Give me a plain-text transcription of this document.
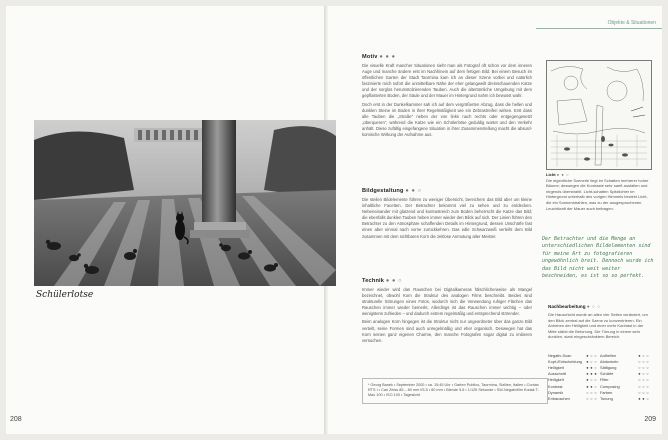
Schülerlotse
208
Objekte & Situationen
Motiv ● ● ●

Die visuelle Kraft mancher Situationen sieht man als Fotograf oft schon vor dem inneren Auge und manche ändere erst im Nachhinein auf dem fertigen Bild. Bei einem Besuch im öffentlichen Garten der Stadt Taormina kam ich an dieser Szene vorbei und natürlich faszinierte mich sofort die unmittelbare Nähe der eher gelangweilt dreinschauenden Katze und der sorglos herumstolzierenden Tauben. Auch die altertümliche Umgebung mit dem gepflasterten Boden, der Säule und der Mauer im Hintergrund nahm ich bewusst wahr.

Doch erst in der Dunkelkammer sah ich auf dem vergrößerten Abzug, dass die hellen und dunklen Steine im Boden in ihrer Regelmäßigkeit wie ein Zebrastreifen wirken. Erst dass alle Tauben die „Straße" neben der von links nach rechts oder entgegengesetzt „überqueren", während die Katze wie ein Schülerlotse geduldig wartet und den Verkehr anhält. Diese zufällig eingefangene Situation in ihrer Zusammenstellung macht die absurd-komische Wirkung der Aufnahme aus.

Bildgestaltung ● ● ○

Die steilen Bildelemente führen zu weniger Übersicht, bereichern das Bild aber um kleine inhaltliche Facetten. Der Betrachter bekommt viel zu sehen und zu entdecken. Nebeneinander mit glatzend und kontrastreich zum Boden beherrscht die Katze das Bild; die ebenfalls dunklen Tauben heben immer wieder den Blick auf sich. Der Linien führen den Betrachter zu den Atmosphäre schaffenden Details im Hintergrund, dessen Unschärfe fast einen aber einmal nach vorne zurückkehren. Das edle Schwarzweiß verleiht dem Bild zusammen mit dem sichtbaren Korn die zeitlose Anmutung alter Meister.

Technik ● ● ○

Immer wieder wird das Rauschen bei Digitalkameras fälschlicherweise als Mangel bezeichnet, obwohl Korn die Struktur des analogen Films beschreibt. Beides sind strukturelle Störungen eines Fotos, wodurch sich die Verwendung ruhiger Flächen das Rauschen immer wieder bemerkt. Allerdings ist das Rauschen immer wichtig – oder wenigstens zufrieden – und dadurch extrem regelmäßig und entsprechend störender.

Beim analogen Korn hingegen ist die Struktur nicht nur ungeordneter über das ganze Bild verteilt, seine Formen sind auch unregelmäßig und eher organisch. Deswegen hat das Korn seinen ganz eigenen Charme, den manche Fotografen sogar digital zu imitieren versuchen.

* Georg Banek • September 2000 • ca. 15:45 Uhr • Garten Publico, Taormina, Sizilien, Italien • Contax RTS I • Carl Zeiss 85 – 80 mm f/3.5 • 80 mm • Blende 5.6 • 1/125 Sekunde • SW-Negativfilm Kodak T-Max 100 • ISO 100 • Tageslicht
Licht ● ● ○
Die eigentliche Szenerie liegt im Schatten mehrerer hoher Bäume; deswegen die Kontraste sehr sanft ausfallen und nirgends überstrahlt. Licht-schatten Spitzlichter im Hintergrund unterhalb des vorigen Himmels bewirkt Licht, die ein Sonnenstrahlen, was zu der ausgesprochenen Leuchtkraft der Mauer auch beitragen.
Der Betrachter und die Menge an unterschiedlichen Bildelementen sind für meine Art zu fotografieren ungewöhnlich breit. Dennoch wurde ich das Bild nicht weit weiter beschneiden, es ist so so perfekt.
Nachbearbeitung ● ○ ○
Die Hauschicht wurde an allen vier Seiten verändert, um den Blick zentral auf die Szene zu konzentrieren. Ein Anheben der Helligkeit und einer mehr Kontrast in der Mitte stärkt die Betonung. Die Tönung in einem sehr dunklen, stark eingeschränktem Bereich.
Negativ-Scan	● ○ ○ Aufhellen	● ○ ○
Kopf-/Entscheidung ● ○ ○ Abdunkeln	○ ○ ○
Helligkeit	● ● ○ Sättigung	○ ○ ○
Ausschnitt	● ● ● Schärfe	● ○ ○
Helligkeit	● ○ ○ Filter	○ ○ ○
Kontrast	● ● ○ Composing	○ ○ ○
Dynamik	○ ○ ○ Farben	○ ○ ○
Entrauschen	○ ○ ○ Tonung	● ● ○
209
